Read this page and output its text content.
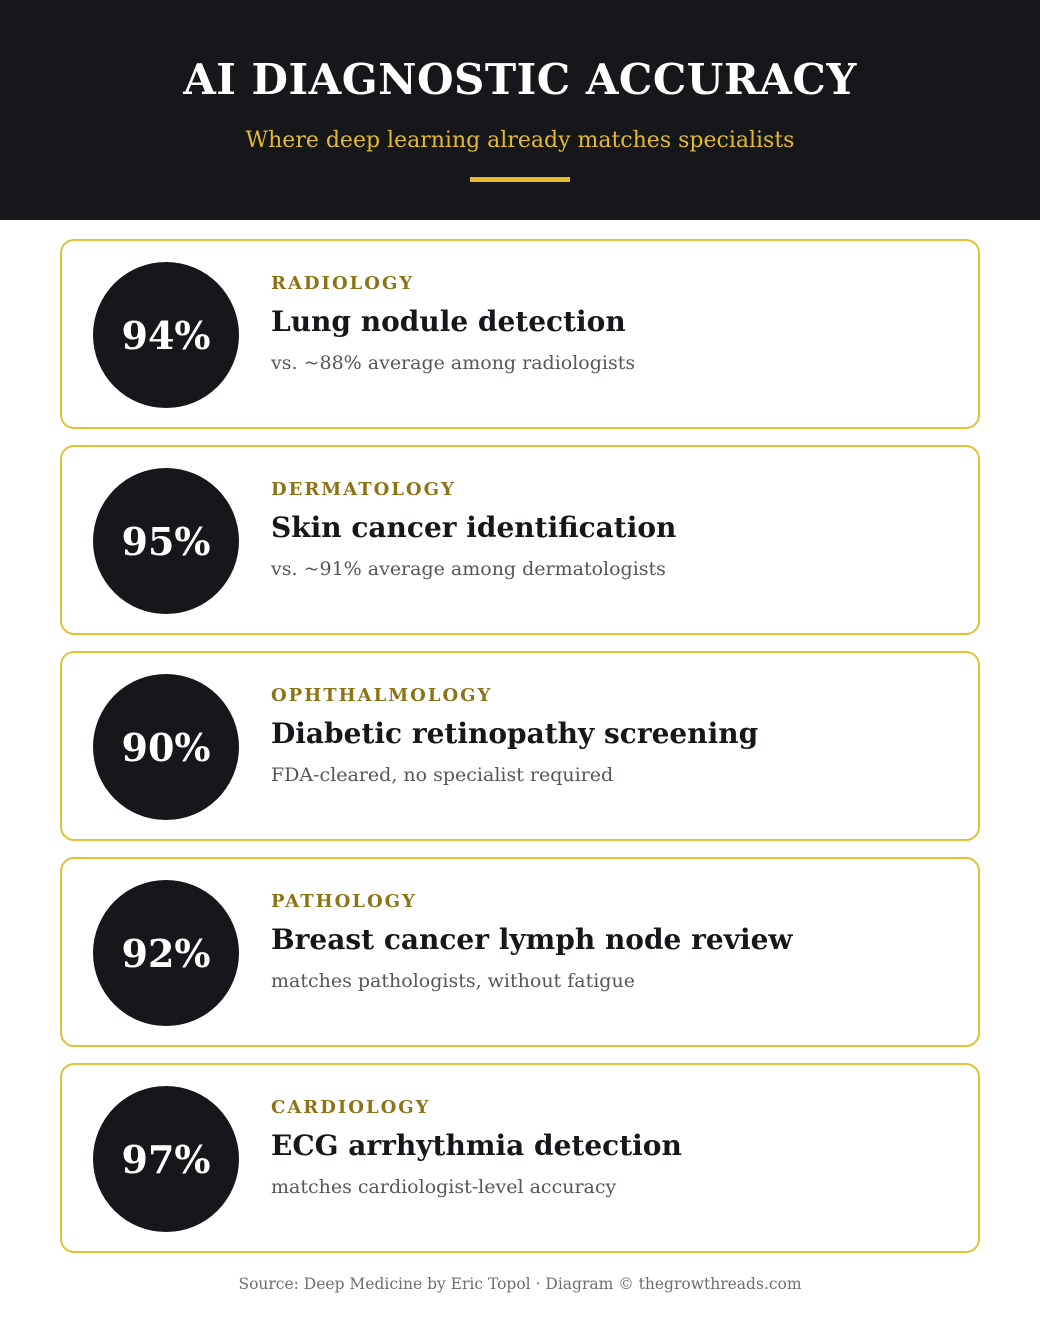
AI DIAGNOSTIC ACCURACY
Where deep learning already matches specialists
94%
RADIOLOGY
Lung nodule detection
vs. ~88% average among radiologists
95%
DERMATOLOGY
Skin cancer identification
vs. ~91% average among dermatologists
90%
OPHTHALMOLOGY
Diabetic retinopathy screening
FDA-cleared, no specialist required
92%
PATHOLOGY
Breast cancer lymph node review
matches pathologists, without fatigue
97%
CARDIOLOGY
ECG arrhythmia detection
matches cardiologist-level accuracy
Source: Deep Medicine by Eric Topol · Diagram © thegrowthreads.com
